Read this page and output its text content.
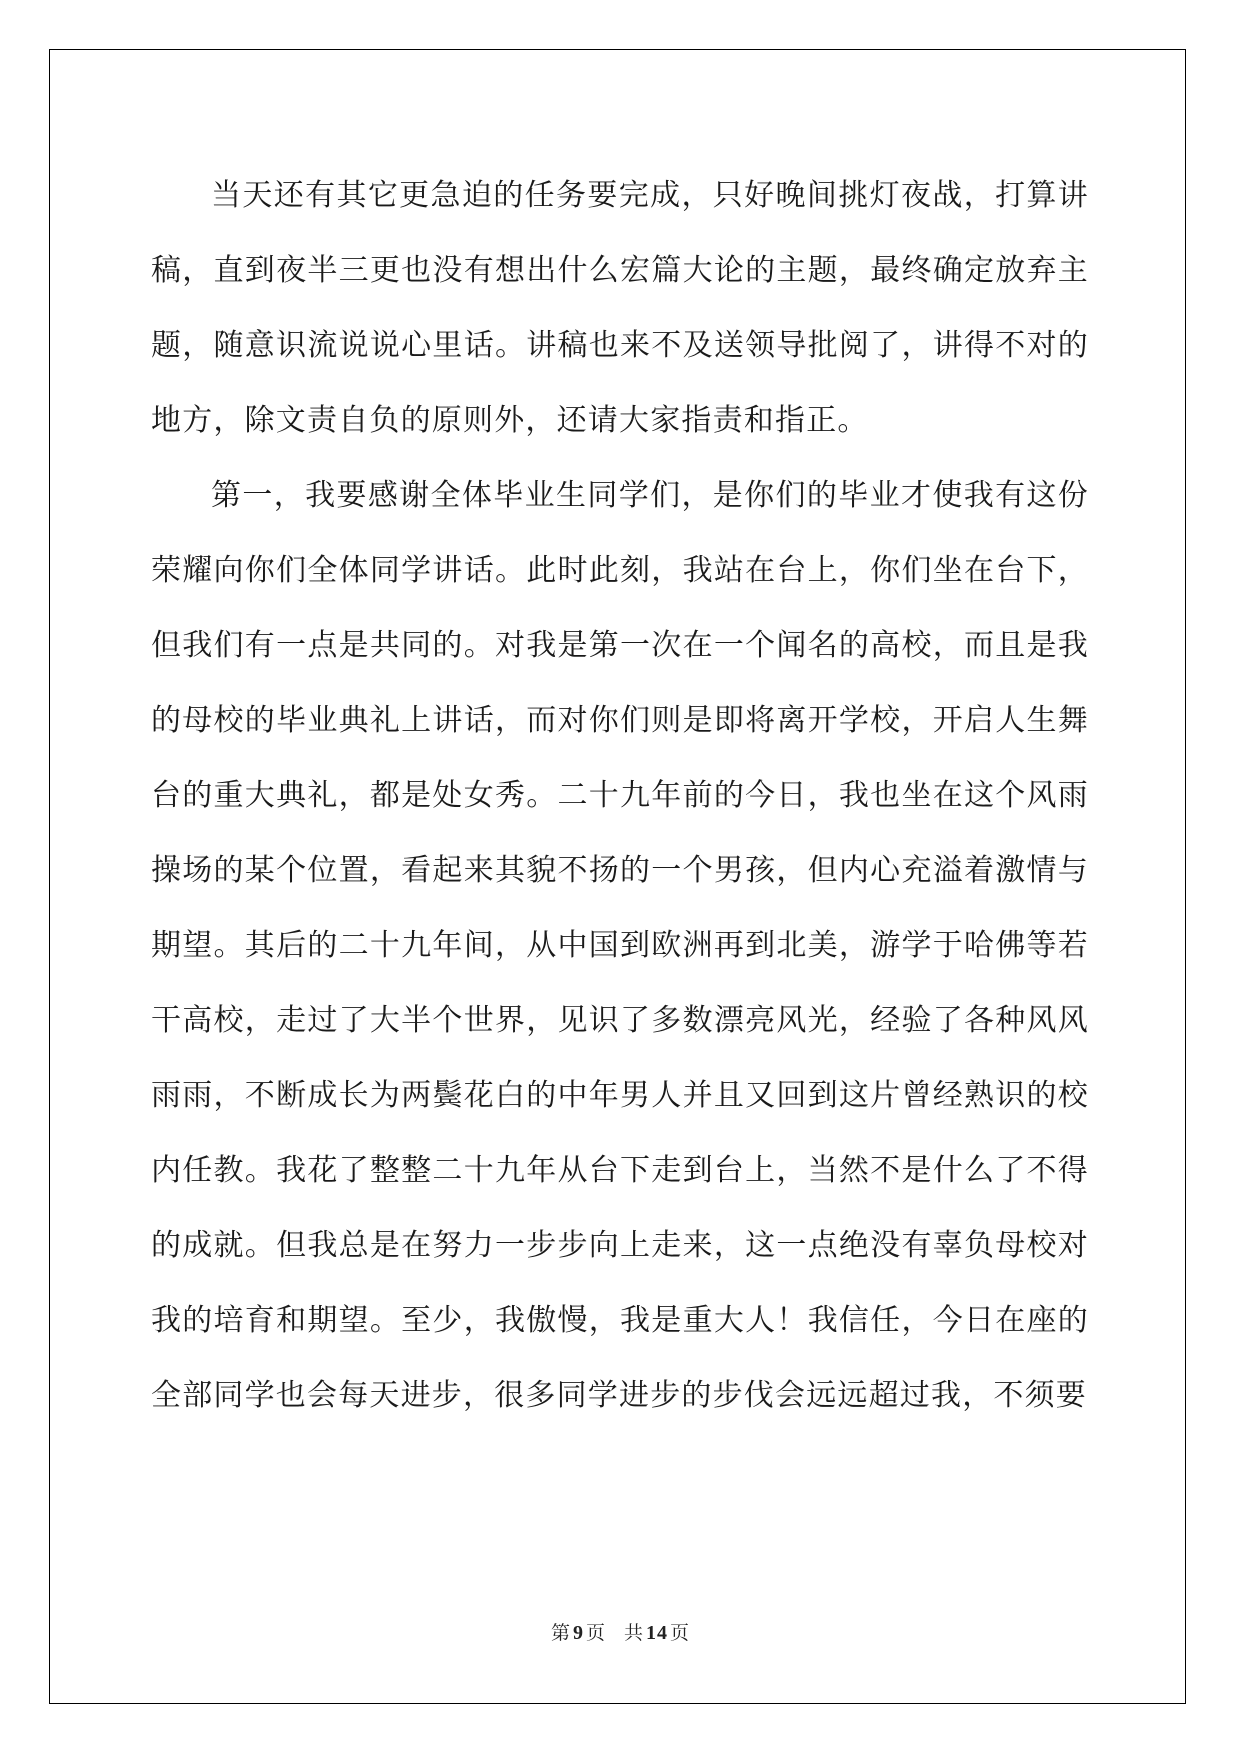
当天还有其它更急迫的任务要完成，只好晚间挑灯夜战，打算讲稿，直到夜半三更也没有想出什么宏篇大论的主题，最终确定放弃主题，随意识流说说心里话。讲稿也来不及送领导批阅了，讲得不对的地方，除文责自负的原则外，还请大家指责和指正。

第一，我要感谢全体毕业生同学们，是你们的毕业才使我有这份荣耀向你们全体同学讲话。此时此刻，我站在台上，你们坐在台下，但我们有一点是共同的。对我是第一次在一个闻名的高校，而且是我的母校的毕业典礼上讲话，而对你们则是即将离开学校，开启人生舞台的重大典礼，都是处女秀。二十九年前的今日，我也坐在这个风雨操场的某个位置，看起来其貌不扬的一个男孩，但内心充溢着激情与期望。其后的二十九年间，从中国到欧洲再到北美，游学于哈佛等若干高校，走过了大半个世界，见识了多数漂亮风光，经验了各种风风雨雨，不断成长为两鬓花白的中年男人并且又回到这片曾经熟识的校内任教。我花了整整二十九年从台下走到台上，当然不是什么了不得的成就。但我总是在努力一步步向上走来，这一点绝没有辜负母校对我的培育和期望。至少，我傲慢，我是重大人！我信任，今日在座的全部同学也会每天进步，很多同学进步的步伐会远远超过我，不须要

第 9 页 共 14 页
